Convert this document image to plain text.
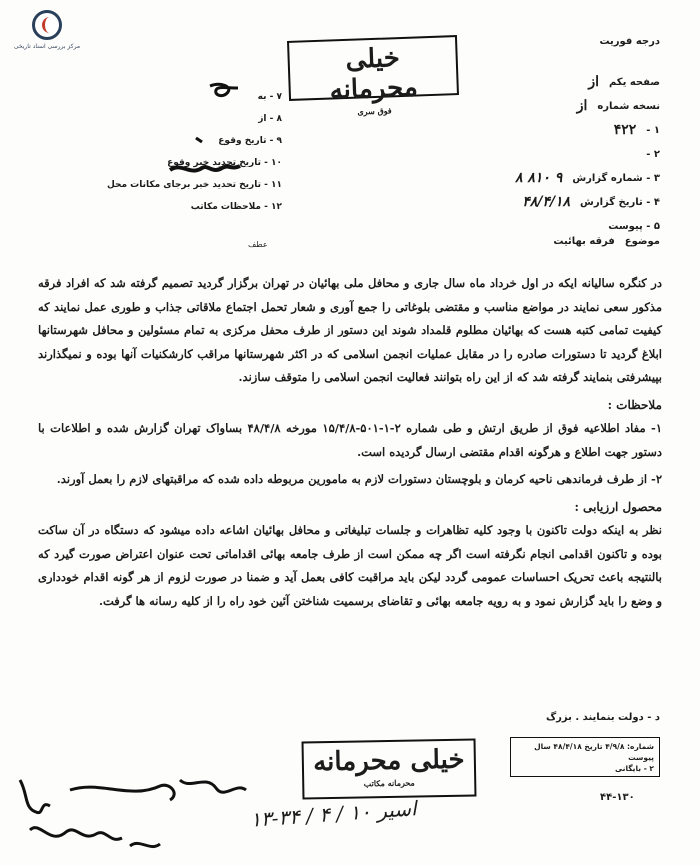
مرکز بررسی اسناد تاریخی	درجه فوریت
خیلی محرمانه
فوق سری
صفحه یکم
از
نسخه شماره
از
۱ -
۴۲۲
۲ -
۳ - شماره گزارش
۹ ۸۱۰ ۸
۴ - تاریخ گزارش
۴۸/۴/۱۸
۵ - پیوست
۷ - به
۸ - از
۹ - تاریخ وقوع
۱۰ - تاریخ تحدید خبر وقوع
۱۱ - تاریخ تحدید خبر برجای مکانات محل
۱۲ - ملاحظات مکاتب
موضوع
فرقه بهائیت
عطف
در کنگره سالیانه ایکه در اول خرداد ماه سال جاری و محافل ملی بهائیان در تهران برگزار گردید تصمیم گرفته شد که افراد فرقه مذکور سعی نمایند در مواضع مناسب و مقتضی بلوغاتی را جمع آوری و شعار تحمل اجتماع ملاقاتی جذاب و طوری عمل نمایند که کیفیت تمامی کتبه هست که بهائیان مطلوم قلمداد شوند این دستور از طرف محفل مرکزی به تمام مسئولین و محافل شهرستانها ابلاغ گردید تا دستورات صادره را در مقابل عملیات انجمن اسلامی که در اکثر شهرستانها مراقب کارشکنیات آنها بوده و نمیگذارند بپیشرفتی بنمایند گرفته شد که از این راه بتوانند فعالیت انجمن اسلامی را متوقف سازند.
ملاحظات :
۱- مفاد اطلاعیه فوق از طریق ارتش و طی شماره ۲-۱-۵۰۱-۱۵/۴/۸ مورخه ۴۸/۴/۸ بساواک تهران گزارش شده و اطلاعات با دستور جهت اطلاع و هرگونه اقدام مقتضی ارسال گردیده است.
۲- از طرف فرماندهی ناحیه کرمان و بلوچستان دستورات لازم به مامورین مربوطه داده شده که مراقبتهای لازم را بعمل آورند.
محصول ارزیابی :
نظر به اینکه دولت تاکنون با وجود کلیه تظاهرات و جلسات تبلیغاتی و محافل بهائیان اشاعه داده میشود که دستگاه در آن ساکت بوده و تاکنون اقدامی انجام نگرفته است اگر چه ممکن است از طرف جامعه بهائی اقداماتی تحت عنوان اعتراض صورت گیرد که بالنتیجه باعث تحریک احساسات عمومی گردد لیکن باید مراقبت کافی بعمل آید و ضمنا در صورت لزوم از هر گونه اقدام خودداری و وضع را باید گزارش نمود و به رویه جامعه بهائی و تقاضای برسمیت شناختن آئین خود راه را از کلیه رسانه ها گرفت.
د - دولت بنمایند . بزرگ
خیلی محرمانه
محرمانه مکاتب
شماره: ۴/۹/۸ تاریخ ۴۸/۴/۱۸ سال
پیوست
۲ - بایگانی
۴۴-۱۳۰
۱۳-۳۴ / ۴ / ۱۰ اسیر
